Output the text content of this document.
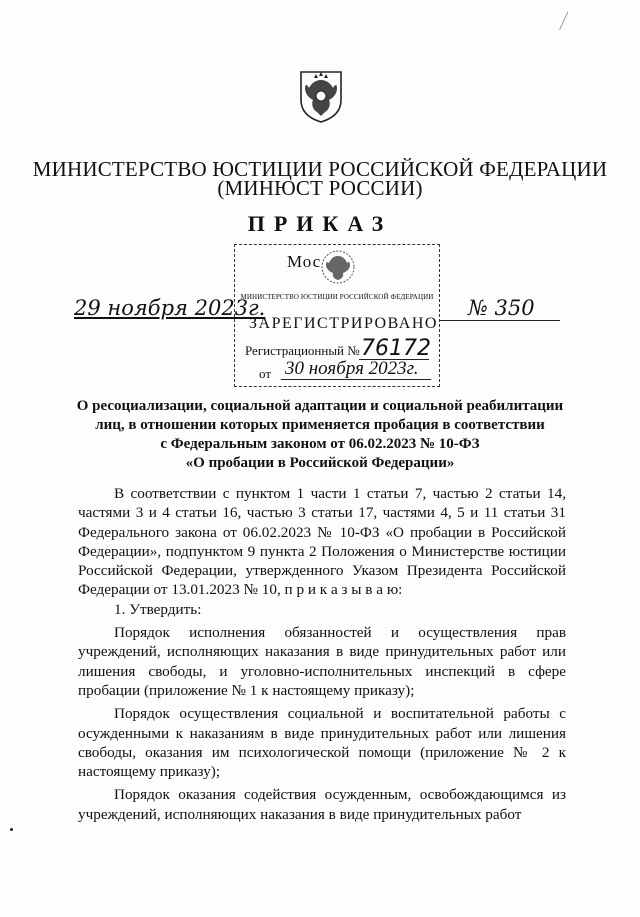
МИНИСТЕРСТВО ЮСТИЦИИ РОССИЙСКОЙ ФЕДЕРАЦИИ
(МИНЮСТ РОССИИ)
ПРИКАЗ
29 ноября 2023г.	№ 350
Мос
МИНИСТЕРСТВО ЮСТИЦИИ РОССИЙСКОЙ ФЕДЕРАЦИИ
ЗАРЕГИСТРИРОВАНО
Регистрационный № 76172
от 30 ноября 2023г.
О ресоциализации, социальной адаптации и социальной реабилитации
лиц, в отношении которых применяется пробация в соответствии
с Федеральным законом от 06.02.2023 № 10-ФЗ
«О пробации в Российской Федерации»

В соответствии с пунктом 1 части 1 статьи 7, частью 2 статьи 14, частями 3 и 4 статьи 16, частью 3 статьи 17, частями 4, 5 и 11 статьи 31 Федерального закона от 06.02.2023 № 10-ФЗ «О пробации в Российской Федерации», подпунктом 9 пункта 2 Положения о Министерстве юстиции Российской Федерации, утвержденного Указом Президента Российской Федерации от 13.01.2023 № 10, п р и к а з ы в а ю:

1. Утвердить:

Порядок исполнения обязанностей и осуществления прав учреждений, исполняющих наказания в виде принудительных работ или лишения свободы, и уголовно-исполнительных инспекций в сфере пробации (приложение № 1 к настоящему приказу);

Порядок осуществления социальной и воспитательной работы с осужденными к наказаниям в виде принудительных работ или лишения свободы, оказания им психологической помощи (приложение № 2 к настоящему приказу);

Порядок оказания содействия осужденным, освобождающимся из учреждений, исполняющих наказания в виде принудительных работ
